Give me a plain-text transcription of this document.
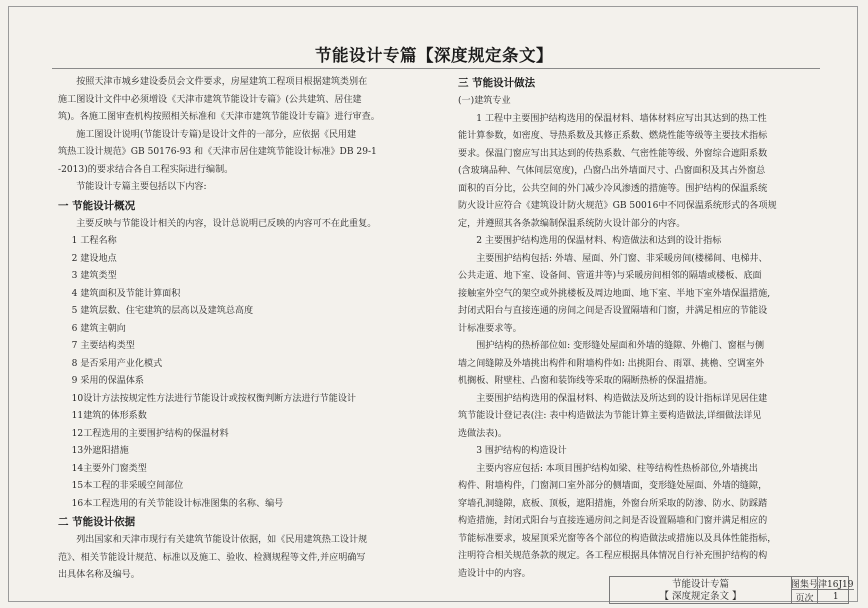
节能设计专篇【深度规定条文】
按照天津市城乡建设委员会文件要求，房屋建筑工程项目根据建筑类别在
施工图设计文件中必须增设《天津市建筑节能设计专篇》(公共建筑、居住建
筑)。各施工图审查机构按照相关标准和《天津市建筑节能设计专篇》进行审查。
施工图设计说明(节能设计专篇)是设计文件的一部分，应依据《民用建
筑热工设计规范》GB 50176-93 和《天津市居住建筑节能设计标准》DB 29-1
-2013)的要求结合各自工程实际进行编制。
节能设计专篇主要包括以下内容:
一 节能设计概况
主要反映与节能设计相关的内容，设计总说明已反映的内容可不在此重复。
1 工程名称
2 建设地点
3 建筑类型
4 建筑面积及节能计算面积
5 建筑层数、住宅建筑的层高以及建筑总高度
6 建筑主朝向
7 主要结构类型
8 是否采用产业化模式
9 采用的保温体系
10设计方法按规定性方法进行节能设计或按权衡判断方法进行节能设计
11建筑的体形系数
12工程选用的主要围护结构的保温材料
13外遮阳措施
14主要外门窗类型
15本工程的非采暖空间部位
16本工程选用的有关节能设计标准图集的名称、编号
二 节能设计依据
列出国家和天津市现行有关建筑节能设计依据，如《民用建筑热工设计规
范》、相关节能设计规范、标准以及施工、验收、检测规程等文件,并应明确写
出具体名称及编号。
三 节能设计做法
(一)建筑专业
1 工程中主要围护结构选用的保温材料、墙体材料应写出其达到的热工性
能计算参数，如密度、导热系数及其修正系数、燃烧性能等级等主要技术指标
要求。保温门窗应写出其达到的传热系数、气密性能等级、外窗综合遮阳系数
(含玻璃品种、气体间层宽度)，凸窗凸出外墙面尺寸、凸窗面积及其占外窗总
面积的百分比，公共空间的外门减少冷风渗透的措施等。围护结构的保温系统
防火设计应符合《建筑设计防火规范》GB 50016中不同保温系统形式的各项规
定，并遵照其各条款编制保温系统防火设计部分的内容。
2 主要围护结构选用的保温材料、构造做法和达到的设计指标
主要围护结构包括: 外墙、屋面、外门窗、非采暖房间(楼梯间、电梯井、
公共走道、地下室、设备间、管道井等)与采暖房间相邻的隔墙或楼板、底面
接触室外空气的架空或外挑楼板及周边地面、地下室、半地下室外墙保温措施,
封闭式阳台与直接连通的房间之间是否设置隔墙和门窗，并满足相应的节能设
计标准要求等。
围护结构的热桥部位如: 变形缝处屋面和外墙的缝隙、外檐门、窗框与侧
墙之间缝隙及外墙挑出构件和附墙构件如: 出挑阳台、雨罩、挑檐、空调室外
机搁板、附壁柱、凸窗和装饰线等采取的隔断热桥的保温措施。
主要围护结构选用的保温材料、构造做法及所达到的设计指标详见居住建
筑节能设计登记表(注: 表中构造做法为节能计算主要构造做法,详细做法详见
选做法表)。
3 围护结构的构造设计
主要内容应包括: 本项目围护结构如梁、柱等结构性热桥部位,外墙挑出
构件、附墙构件，门窗洞口室外部分的侧墙面，变形缝处屋面、外墙的缝隙，
穿墙孔洞缝隙，底板、顶板，遮阳措施，外窗台所采取的防渗、防水、防踩踏
构造措施，封闭式阳台与直接连通房间之间是否设置隔墙和门窗并满足相应的
节能标准要求，坡屋顶采光窗等各个部位的构造做法或措施以及具体性能指标，
注明符合相关规范条款的规定。各工程应根据具体情况自行补充围护结构的构
造设计中的内容。
节能设计专篇
【 深度规定条文 】
图集号 津16J19
页次	1
